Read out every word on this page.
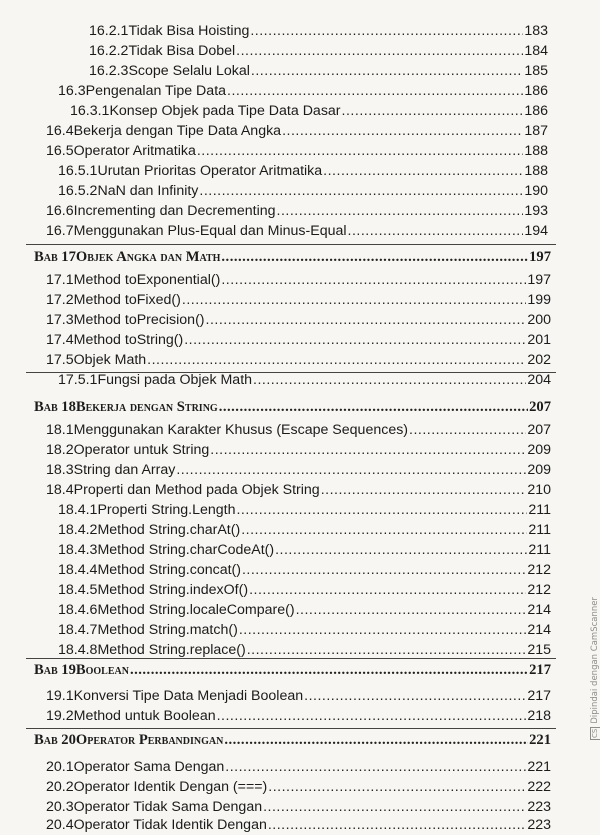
16.2.1 Tidak Bisa Hoisting .....	183
16.2.2 Tidak Bisa Dobel .....	184
16.2.3 Scope Selalu Lokal .....	185
16.3 Pengenalan Tipe Data .....	186
16.3.1 Konsep Objek pada Tipe Data Dasar .....	186
16.4 Bekerja dengan Tipe Data Angka .....	187
16.5 Operator Aritmatika .....	188
16.5.1 Urutan Prioritas Operator Aritmatika .....	188
16.5.2 NaN dan Infinity .....	190
16.6 Incrementing dan Decrementing .....	193
16.7 Menggunakan Plus-Equal dan Minus-Equal .....	194
Bab 17 Objek Angka dan Math .....	197
17.1 Method toExponential() .....	197
17.2 Method toFixed() .....	199
17.3 Method toPrecision() .....	200
17.4 Method toString() .....	201
17.5 Objek Math .....	202
17.5.1 Fungsi pada Objek Math .....	204
Bab 18 Bekerja dengan String .....	207
18.1 Menggunakan Karakter Khusus (Escape Sequences) .....	207
18.2 Operator untuk String .....	209
18.3 String dan Array .....	209
18.4 Properti dan Method pada Objek String .....	210
18.4.1 Properti String.Length .....	211
18.4.2 Method String.charAt() .....	211
18.4.3 Method String.charCodeAt() .....	211
18.4.4 Method String.concat() .....	212
18.4.5 Method String.indexOf() .....	212
18.4.6 Method String.localeCompare() .....	214
18.4.7 Method String.match() .....	214
18.4.8 Method String.replace() .....	215
Bab 19 Boolean .....	217
19.1 Konversi Tipe Data Menjadi Boolean .....	217
19.2 Method untuk Boolean .....	218
Bab 20 Operator Perbandingan .....	221
20.1 Operator Sama Dengan .....	221
20.2 Operator Identik Dengan (===) .....	222
20.3 Operator Tidak Sama Dengan .....	223
20.4 Operator Tidak Identik Dengan .....	223
CSDipindai dengan CamScanner
